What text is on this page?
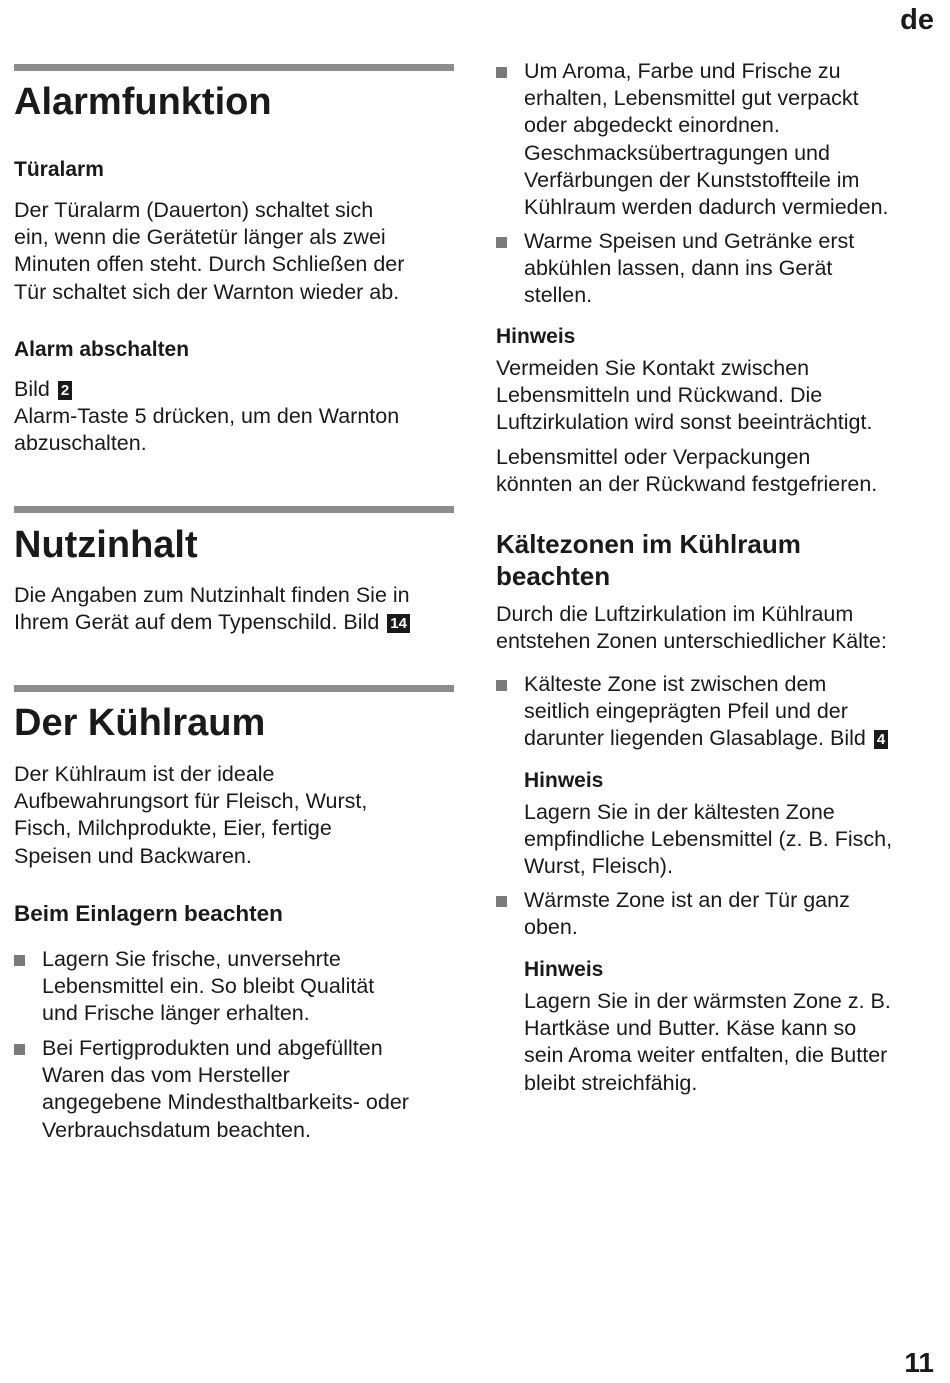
de
Alarmfunktion
Türalarm
Der Türalarm (Dauerton) schaltet sich
ein, wenn die Gerätetür länger als zwei
Minuten offen steht. Durch Schließen der
Tür schaltet sich der Warnton wieder ab.
Alarm abschalten
Bild 2
Alarm-Taste 5 drücken, um den Warnton
abzuschalten.
Nutzinhalt
Die Angaben zum Nutzinhalt finden Sie in
Ihrem Gerät auf dem Typenschild. Bild 14
Der Kühlraum
Der Kühlraum ist der ideale
Aufbewahrungsort für Fleisch, Wurst,
Fisch, Milchprodukte, Eier, fertige
Speisen und Backwaren.
Beim Einlagern beachten
Lagern Sie frische, unversehrte
Lebensmittel ein. So bleibt Qualität
und Frische länger erhalten.
Bei Fertigprodukten und abgefüllten
Waren das vom Hersteller
angegebene Mindesthaltbarkeits- oder
Verbrauchsdatum beachten.
Um Aroma, Farbe und Frische zu
erhalten, Lebensmittel gut verpackt
oder abgedeckt einordnen.
Geschmacksübertragungen und
Verfärbungen der Kunststoffteile im
Kühlraum werden dadurch vermieden.
Warme Speisen und Getränke erst
abkühlen lassen, dann ins Gerät
stellen.
Hinweis
Vermeiden Sie Kontakt zwischen
Lebensmitteln und Rückwand. Die
Luftzirkulation wird sonst beeinträchtigt.
Lebensmittel oder Verpackungen
könnten an der Rückwand festgefrieren.
Kältezonen im Kühlraum
beachten
Durch die Luftzirkulation im Kühlraum
entstehen Zonen unterschiedlicher Kälte:
Kälteste Zone ist zwischen dem
seitlich eingeprägten Pfeil und der
darunter liegenden Glasablage. Bild 4
Hinweis
Lagern Sie in der kältesten Zone
empfindliche Lebensmittel (z. B. Fisch,
Wurst, Fleisch).
Wärmste Zone ist an der Tür ganz
oben.
Hinweis
Lagern Sie in der wärmsten Zone z. B.
Hartkäse und Butter. Käse kann so
sein Aroma weiter entfalten, die Butter
bleibt streichfähig.
11
